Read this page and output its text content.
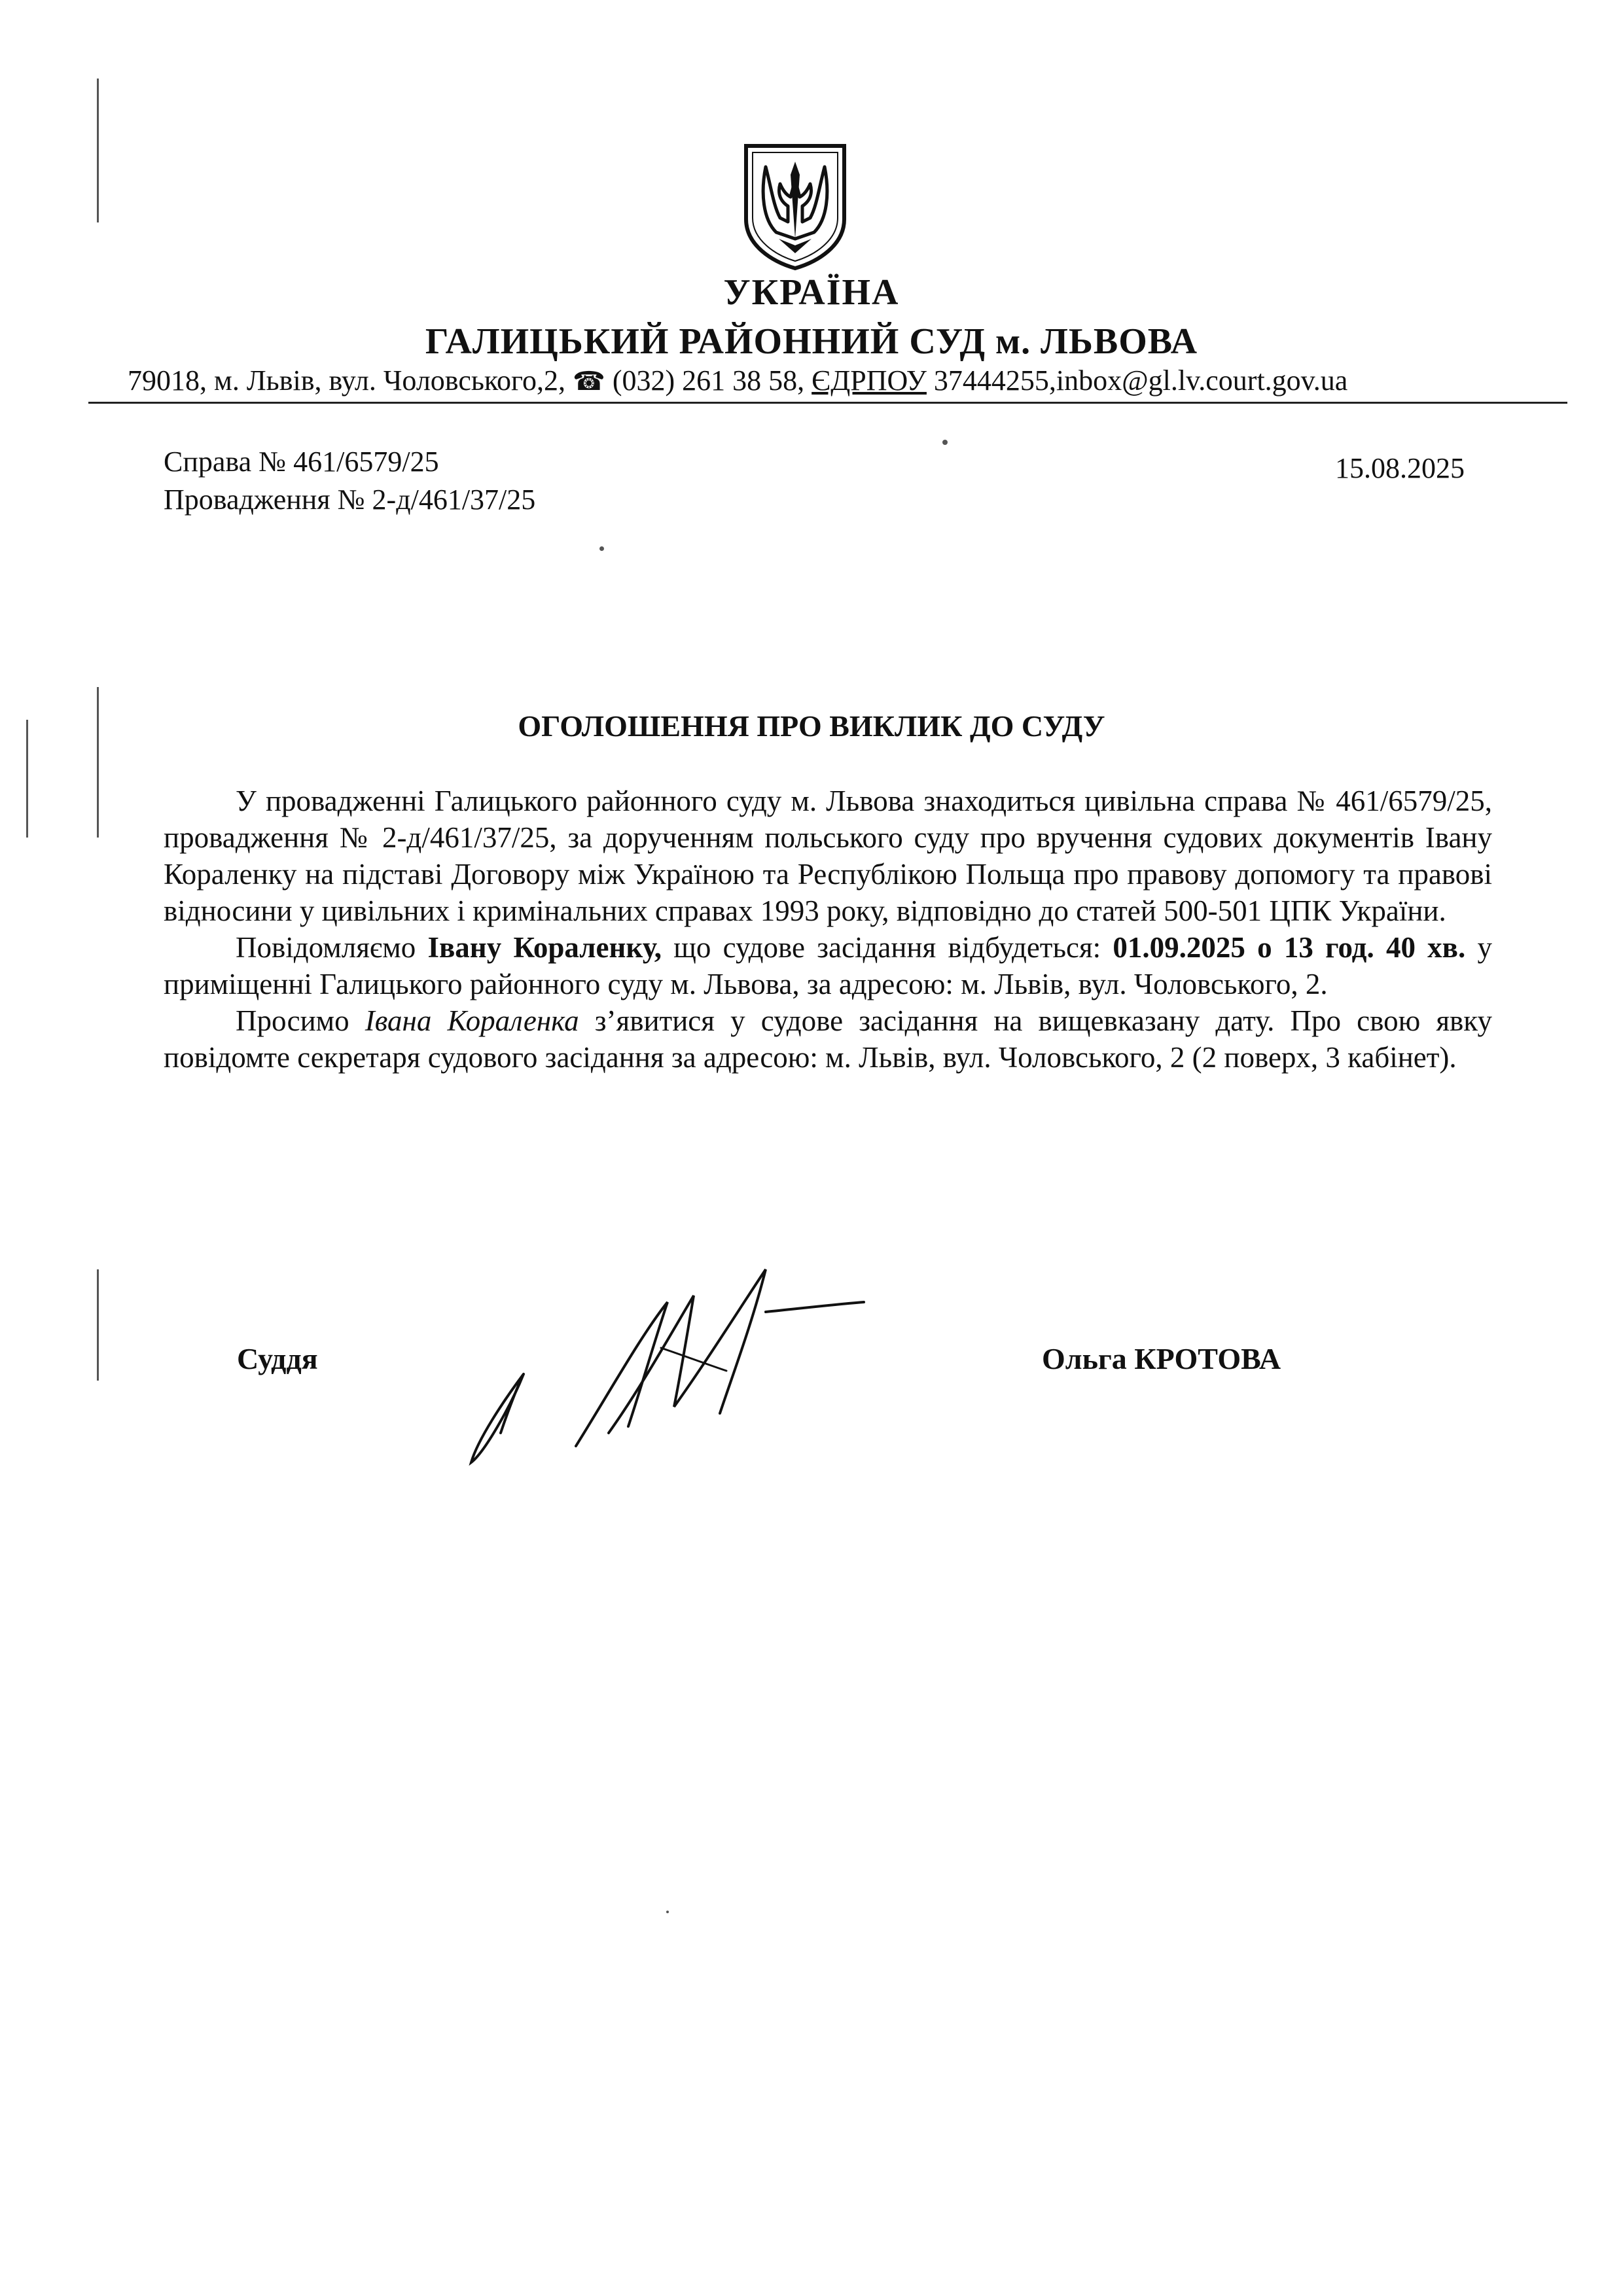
УКРАЇНА
ГАЛИЦЬКИЙ РАЙОННИЙ СУД м. ЛЬВОВА
79018, м. Львів, вул. Чоловського,2, ☎ (032) 261 38 58, ЄДРПОУ 37444255,inbox@gl.lv.court.gov.ua
Справа № 461/6579/25
Провадження № 2-д/461/37/25
15.08.2025
ОГОЛОШЕННЯ ПРО ВИКЛИК ДО СУДУ

У провадженні Галицького районного суду м. Львова знаходиться цивільна справа № 461/6579/25, провадження № 2-д/461/37/25, за дорученням польського суду про вручення судових документів Івану Кораленку на підставі Договору між Україною та Республікою Польща про правову допомогу та правові відносини у цивільних і кримінальних справах 1993 року, відповідно до статей 500-501 ЦПК України.

Повідомляємо Івану Кораленку, що судове засідання відбудеться: 01.09.2025 о 13 год. 40 хв. у приміщенні Галицького районного суду м. Львова, за адресою: м. Львів, вул. Чоловського, 2.

Просимо Івана Кораленка з’явитися у судове засідання на вищевказану дату. Про свою явку повідомте секретаря судового засідання за адресою: м. Львів, вул. Чоловського, 2 (2 поверх, 3 кабінет).

Суддя	Ольга КРОТОВА
